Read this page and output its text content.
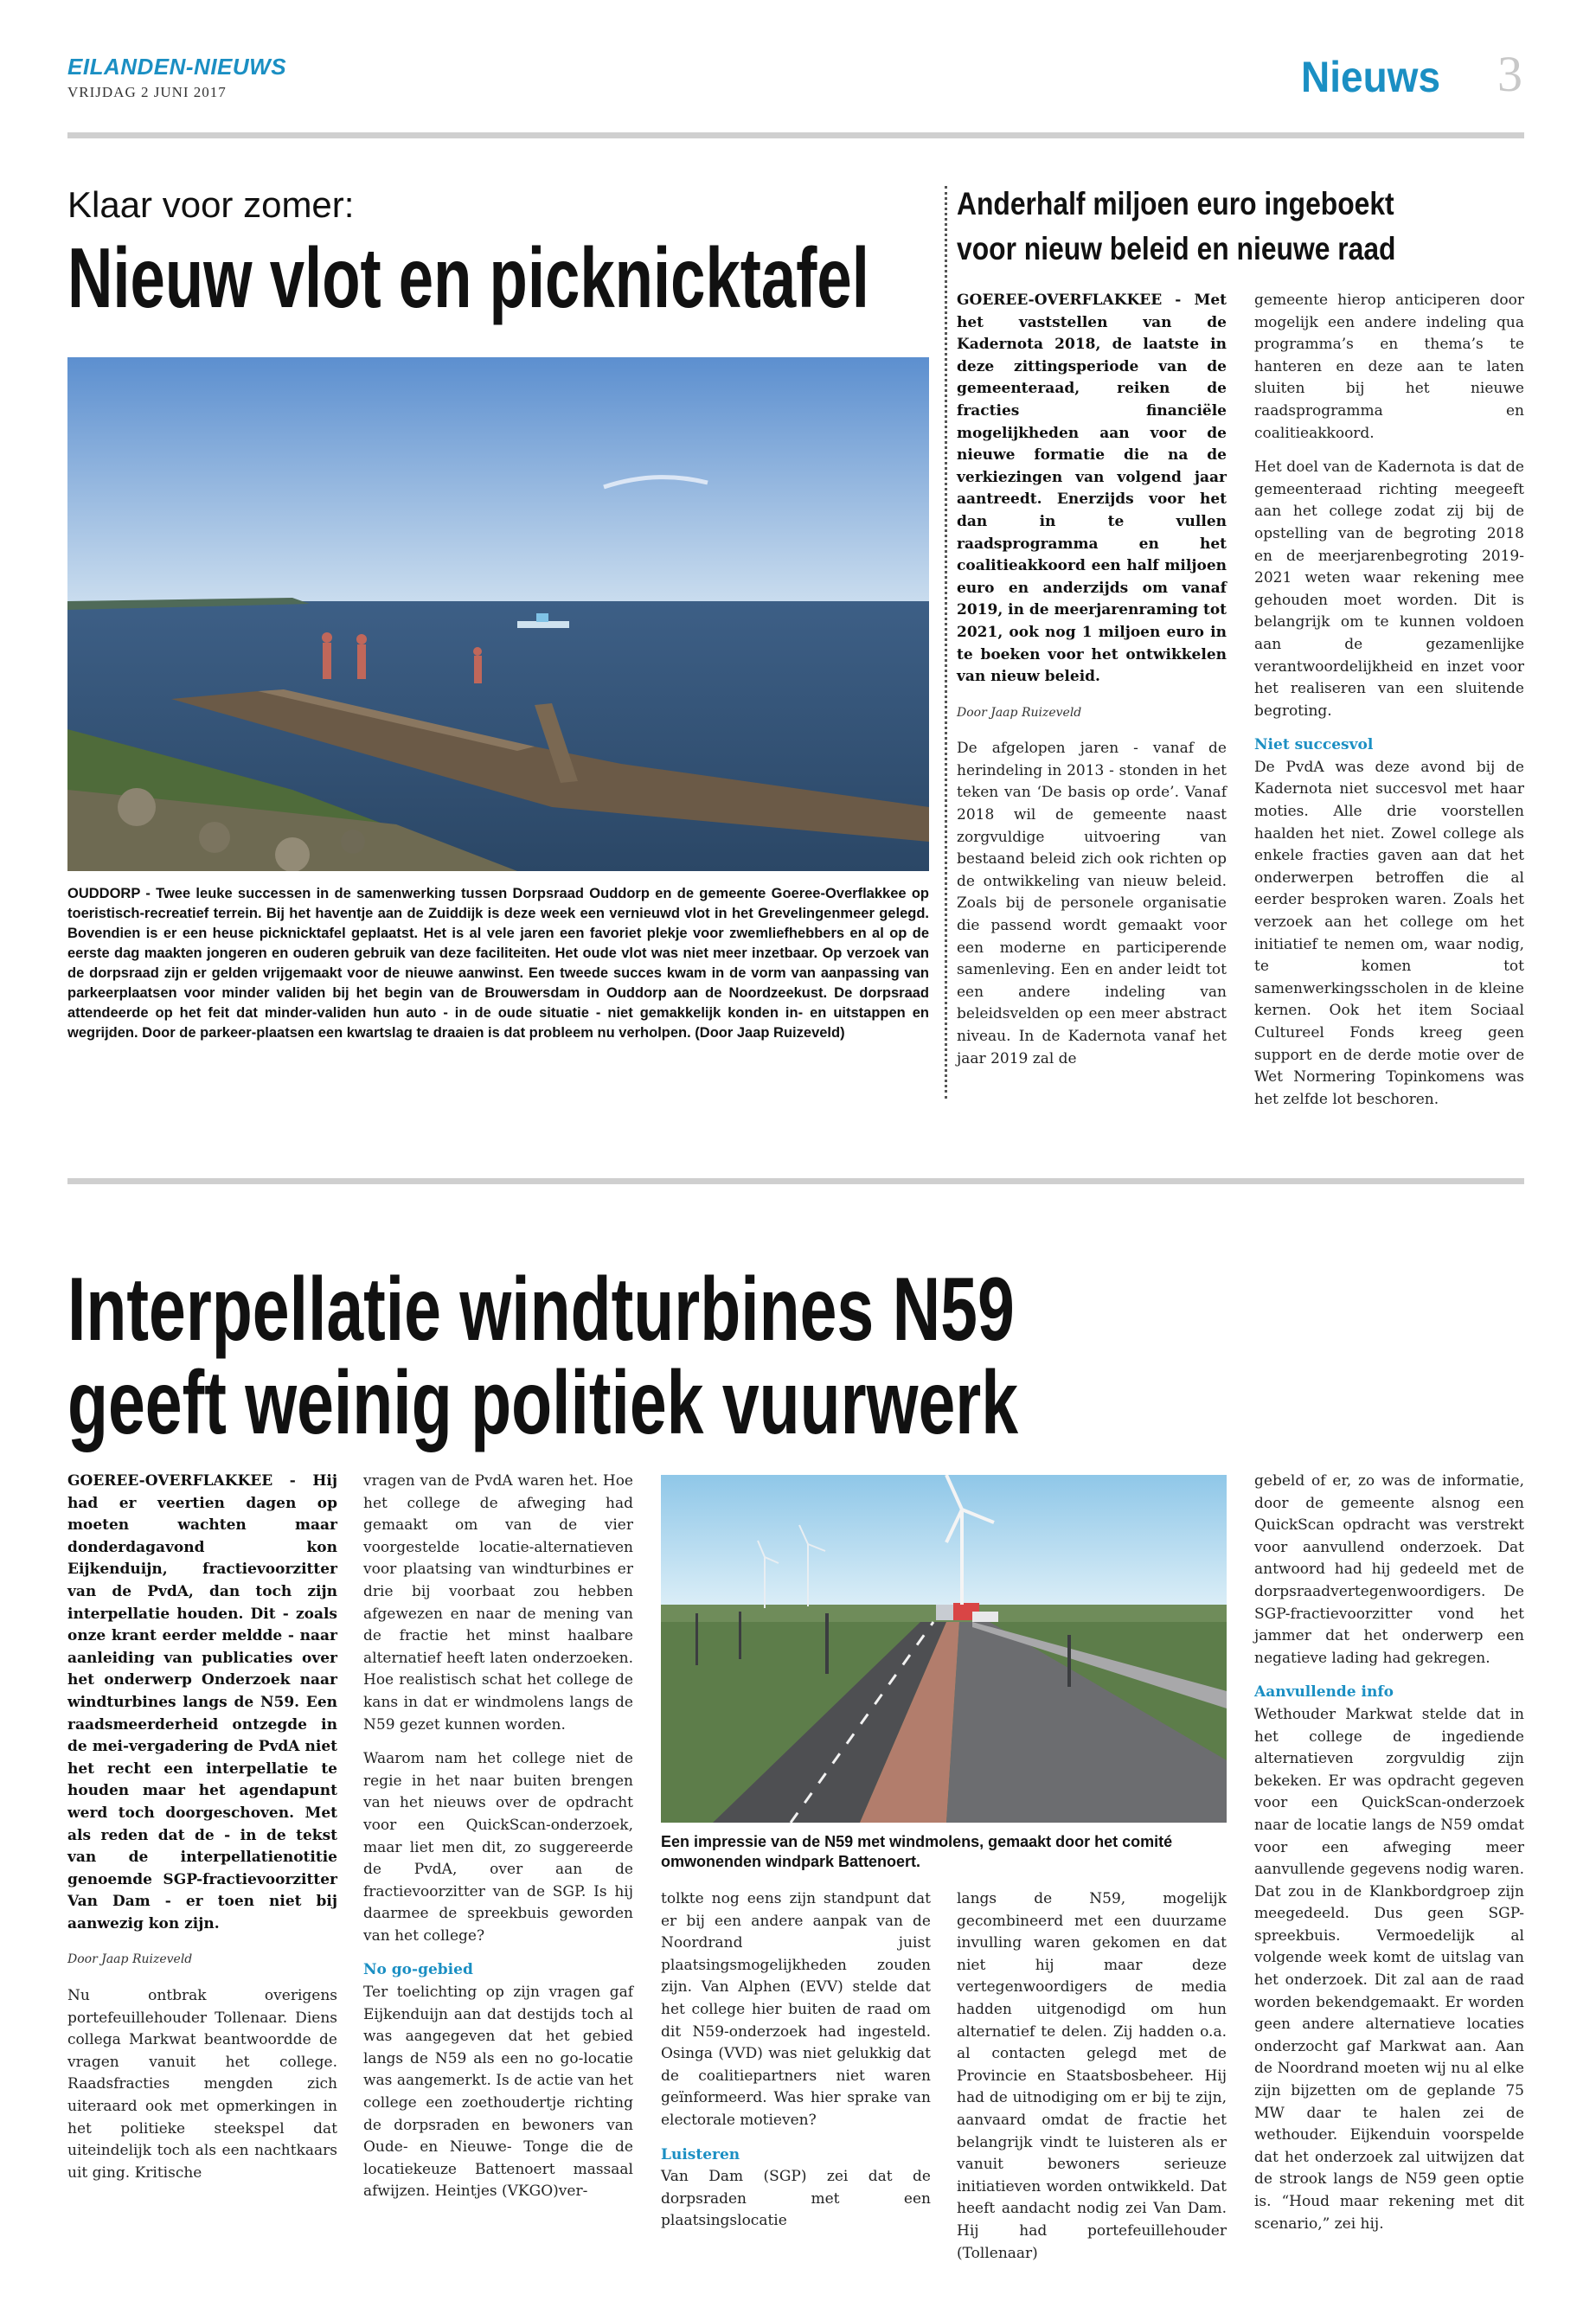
EILANDEN-NIEUWS
VRIJDAG 2 JUNI 2017	Nieuws 3
Klaar voor zomer:
Nieuw vlot en picknicktafel
OUDDORP - Twee leuke successen in de samenwerking tussen Dorpsraad Ouddorp en de gemeente Goeree-Overflakkee op toeristisch-recreatief terrein. Bij het haventje aan de Zuiddijk is deze week een vernieuwd vlot in het Grevelingenmeer gelegd. Bovendien is er een heuse picknicktafel geplaatst. Het is al vele jaren een favoriet plekje voor zwemliefhebbers en al op de eerste dag maakten jongeren en ouderen gebruik van deze faciliteiten. Het oude vlot was niet meer inzetbaar. Op verzoek van de dorpsraad zijn er gelden vrijgemaakt voor de nieuwe aanwinst. Een tweede succes kwam in de vorm van aanpassing van parkeerplaatsen voor minder validen bij het begin van de Brouwersdam in Ouddorp aan de Noordzeekust. De dorpsraad attendeerde op het feit dat minder-validen hun auto - in de oude situatie - niet gemakkelijk konden in- en uitstappen en wegrijden. Door de parkeer-plaatsen een kwartslag te draaien is dat probleem nu verholpen. (Door Jaap Ruizeveld)
Anderhalf miljoen euro ingeboekt
voor nieuw beleid en nieuwe raad

GOEREE-OVERFLAKKEE - Met het vaststellen van de Kadernota 2018, de laatste in deze zittingsperiode van de gemeenteraad, reiken de fracties financiële mogelijkheden aan voor de nieuwe formatie die na de verkiezingen van volgend jaar aantreedt. Enerzijds voor het dan in te vullen raadsprogramma en het coalitieakkoord een half miljoen euro en anderzijds om vanaf 2019, in de meerjarenraming tot 2021, ook nog 1 miljoen euro in te boeken voor het ontwikkelen van nieuw beleid.

Door Jaap Ruizeveld

De afgelopen jaren - vanaf de herindeling in 2013 - stonden in het teken van ‘De basis op orde’. Vanaf 2018 wil de gemeente naast zorgvuldige uitvoering van bestaand beleid zich ook richten op de ontwikkeling van nieuw beleid. Zoals bij de personele organisatie die passend wordt gemaakt voor een moderne en participerende samenleving. Een en ander leidt tot een andere indeling van beleidsvelden op een meer abstract niveau. In de Kadernota vanaf het jaar 2019 zal de

gemeente hierop anticiperen door mogelijk een andere indeling qua programma’s en thema’s te hanteren en deze aan te laten sluiten bij het nieuwe raadsprogramma en coalitieakkoord.

Het doel van de Kadernota is dat de gemeenteraad richting meegeeft aan het college zodat zij bij de opstelling van de begroting 2018 en de meerjarenbegroting 2019-2021 weten waar rekening mee gehouden moet worden. Dit is belangrijk om te kunnen voldoen aan de gezamenlijke verantwoordelijkheid en inzet voor het realiseren van een sluitende begroting.

Niet succesvol

De PvdA was deze avond bij de Kadernota niet succesvol met haar moties. Alle drie voorstellen haalden het niet. Zowel college als enkele fracties gaven aan dat het onderwerpen betroffen die al eerder besproken waren. Zoals het verzoek aan het college om het initiatief te nemen om, waar nodig, te komen tot samenwerkingsscholen in de kleine kernen. Ook het item Sociaal Cultureel Fonds kreeg geen support en de derde motie over de Wet Normering Topinkomens was het zelfde lot beschoren.

Interpellatie windturbines N59
geeft weinig politiek vuurwerk

GOEREE-OVERFLAKKEE - Hij had er veertien dagen op moeten wachten maar donderdagavond kon Eijkenduijn, fractievoorzitter van de PvdA, dan toch zijn interpellatie houden. Dit - zoals onze krant eerder meldde - naar aanleiding van publicaties over het onderwerp Onderzoek naar windturbines langs de N59. Een raadsmeerderheid ontzegde in de mei-vergadering de PvdA niet het recht een interpellatie te houden maar het agendapunt werd toch doorgeschoven. Met als reden dat de - in de tekst van de interpellatienotitie genoemde SGP-fractievoorzitter Van Dam - er toen niet bij aanwezig kon zijn.

Door Jaap Ruizeveld

Nu ontbrak overigens portefeuillehouder Tollenaar. Diens collega Markwat beantwoordde de vragen vanuit het college. Raadsfracties mengden zich uiteraard ook met opmerkingen in het politieke steekspel dat uiteindelijk toch als een nachtkaars uit ging. Kritische

vragen van de PvdA waren het. Hoe het college de afweging had gemaakt om van de vier voorgestelde locatie-alternatieven voor plaatsing van windturbines er drie bij voorbaat zou hebben afgewezen en naar de mening van de fractie het minst haalbare alternatief heeft laten onderzoeken. Hoe realistisch schat het college de kans in dat er windmolens langs de N59 gezet kunnen worden.

Waarom nam het college niet de regie in het naar buiten brengen van het nieuws over de opdracht voor een QuickScan-onderzoek, maar liet men dit, zo suggereerde de PvdA, over aan de fractievoorzitter van de SGP. Is hij daarmee de spreekbuis geworden van het college?

No go-gebied

Ter toelichting op zijn vragen gaf Eijkenduijn aan dat destijds toch al was aangegeven dat het gebied langs de N59 als een no go-locatie was aangemerkt. Is de actie van het college een zoethoudertje richting de dorpsraden en bewoners van Oude- en Nieuwe- Tonge die de locatiekeuze Battenoert massaal afwijzen. Heintjes (VKGO)ver-

Een impressie van de N59 met windmolens, gemaakt door het comité omwonenden windpark Battenoert.

tolkte nog eens zijn standpunt dat er bij een andere aanpak van de Noordrand juist plaatsingsmogelijkheden zouden zijn. Van Alphen (EVV) stelde dat het college hier buiten de raad om dit N59-onderzoek had ingesteld. Osinga (VVD) was niet gelukkig dat de coalitiepartners niet waren geïnformeerd. Was hier sprake van electorale motieven?

Luisteren

Van Dam (SGP) zei dat de dorpsraden met een plaatsingslocatie

langs de N59, mogelijk gecombineerd met een duurzame invulling waren gekomen en dat niet hij maar deze vertegenwoordigers de media hadden uitgenodigd om hun alternatief te delen. Zij hadden o.a. al contacten gelegd met de Provincie en Staatsbosbeheer. Hij had de uitnodiging om er bij te zijn, aanvaard omdat de fractie het belangrijk vindt te luisteren als er vanuit bewoners serieuze initiatieven worden ontwikkeld. Dat heeft aandacht nodig zei Van Dam. Hij had portefeuillehouder (Tollenaar)

gebeld of er, zo was de informatie, door de gemeente alsnog een QuickScan opdracht was verstrekt voor aanvullend onderzoek. Dat antwoord had hij gedeeld met de dorpsraadvertegenwoordigers. De SGP-fractievoorzitter vond het jammer dat het onderwerp een negatieve lading had gekregen.

Aanvullende info

Wethouder Markwat stelde dat in het college de ingediende alternatieven zorgvuldig zijn bekeken. Er was opdracht gegeven voor een QuickScan-onderzoek naar de locatie langs de N59 omdat voor een afweging meer aanvullende gegevens nodig waren. Dat zou in de Klankbordgroep zijn meegedeeld. Dus geen SGP-spreekbuis. Vermoedelijk al volgende week komt de uitslag van het onderzoek. Dit zal aan de raad worden bekendgemaakt. Er worden geen andere alternatieve locaties onderzocht gaf Markwat aan. Aan de Noordrand moeten wij nu al elke zijn bijzetten om de geplande 75 MW daar te halen zei de wethouder. Eijkenduin voorspelde dat het onderzoek zal uitwijzen dat de strook langs de N59 geen optie is. “Houd maar rekening met dit scenario,” zei hij.
